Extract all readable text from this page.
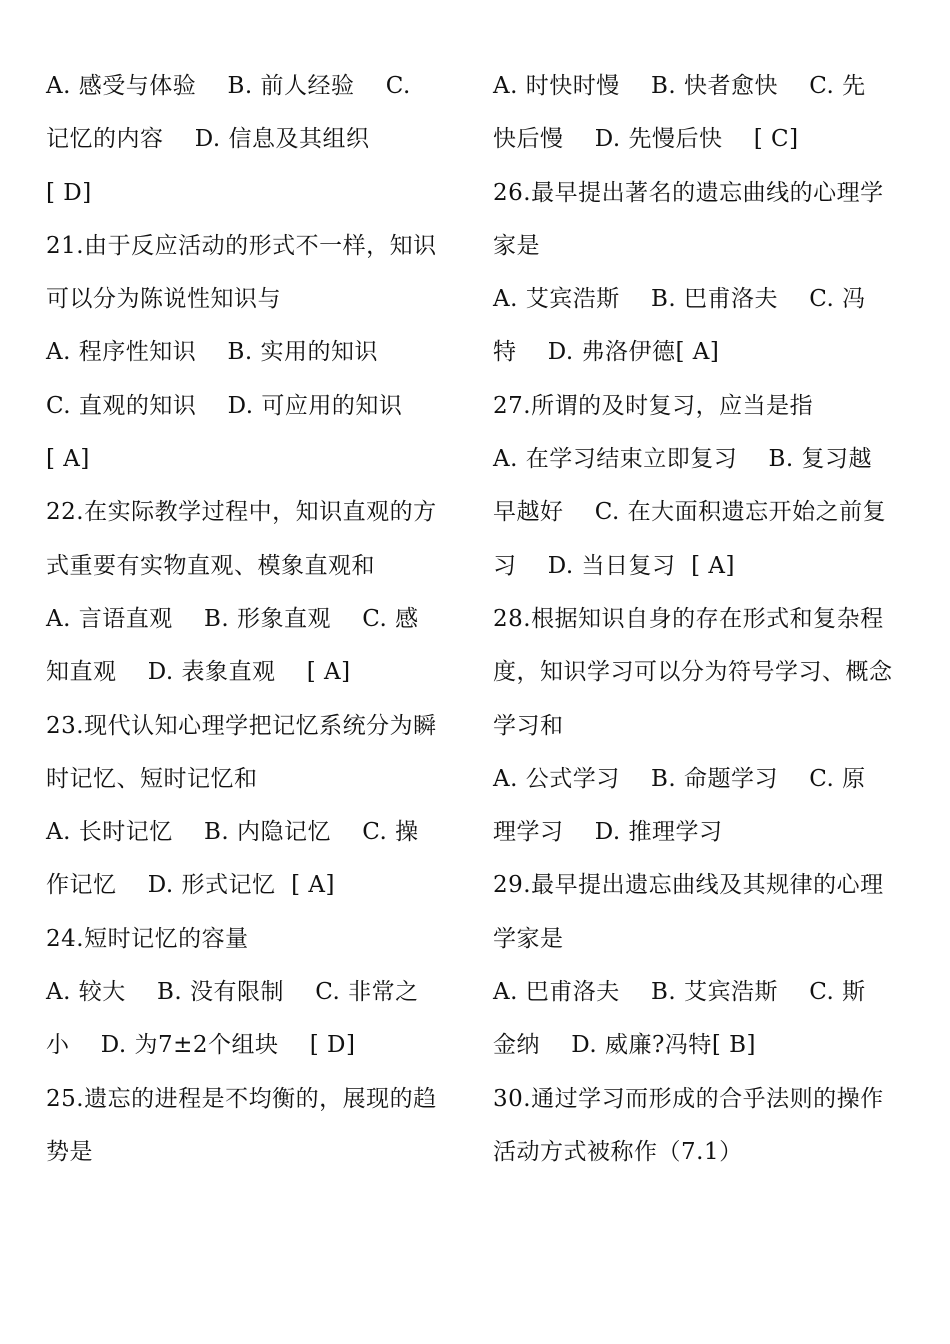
A. 感受与体验    B. 前人经验    C.
记忆的内容    D. 信息及其组织
[ D]
21.由于反应活动的形式不一样，知识
可以分为陈说性知识与
A. 程序性知识    B. 实用的知识
C. 直观的知识    D. 可应用的知识
[ A]
22.在实际教学过程中，知识直观的方
式重要有实物直观、模象直观和
A. 言语直观    B. 形象直观    C. 感
知直观    D. 表象直观    [ A]
23.现代认知心理学把记忆系统分为瞬
时记忆、短时记忆和
A. 长时记忆    B. 内隐记忆    C. 操
作记忆    D. 形式记忆  [ A]
24.短时记忆的容量
A. 较大    B. 没有限制    C. 非常之
小    D. 为7±2个组块    [ D]
25.遗忘的进程是不均衡的，展现的趋
势是
A. 时快时慢    B. 快者愈快    C. 先
快后慢    D. 先慢后快    [ C]
26.最早提出著名的遗忘曲线的心理学
家是
A. 艾宾浩斯    B. 巴甫洛夫    C. 冯
特    D. 弗洛伊德[ A]
27.所谓的及时复习，应当是指
A. 在学习结束立即复习    B. 复习越
早越好    C. 在大面积遗忘开始之前复
习    D. 当日复习  [ A]
28.根据知识自身的存在形式和复杂程
度，知识学习可以分为符号学习、概念
学习和
A. 公式学习    B. 命题学习    C. 原
理学习    D. 推理学习
29.最早提出遗忘曲线及其规律的心理
学家是
A. 巴甫洛夫    B. 艾宾浩斯    C. 斯
金纳    D. 威廉?冯特[ B]
30.通过学习而形成的合乎法则的操作
活动方式被称作（7.1）
